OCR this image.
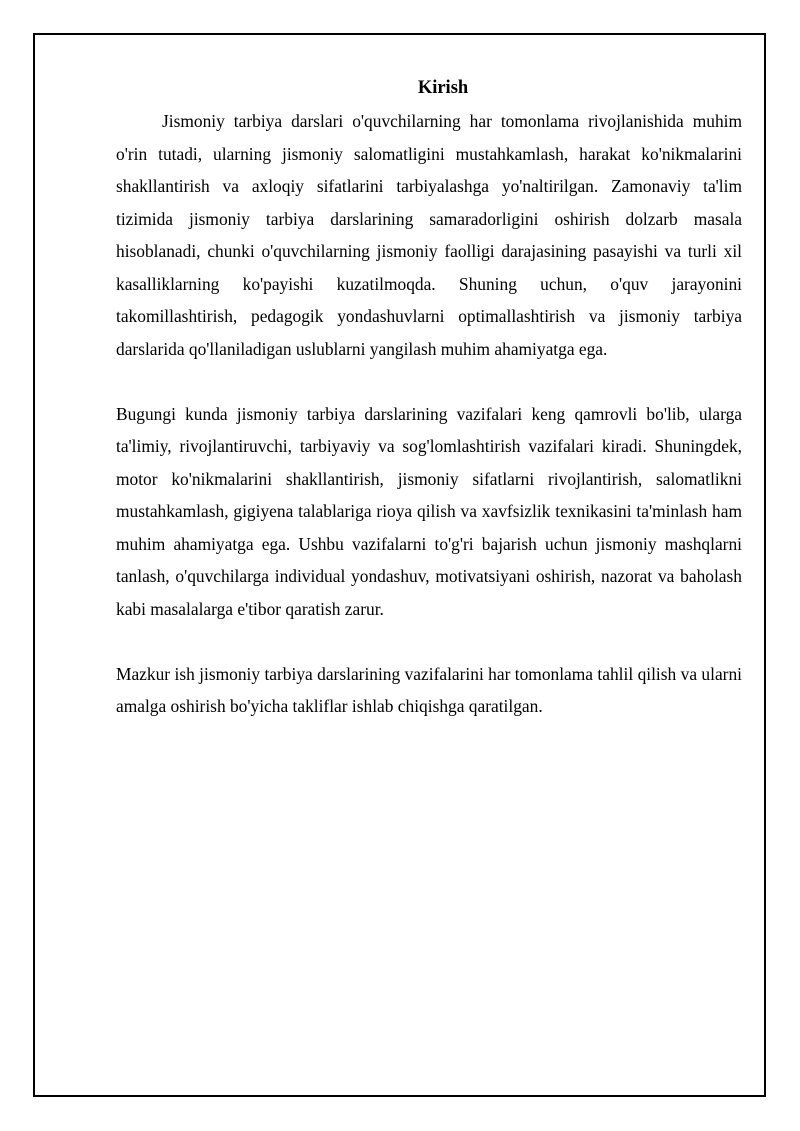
Kirish

Jismoniy tarbiya darslari o'quvchilarning har tomonlama rivojlanishida muhim o'rin tutadi, ularning jismoniy salomatligini mustahkamlash, harakat ko'nikmalarini shakllantirish va axloqiy sifatlarini tarbiyalashga yo'naltirilgan. Zamonaviy ta'lim tizimida jismoniy tarbiya darslarining samaradorligini oshirish dolzarb masala hisoblanadi, chunki o'quvchilarning jismoniy faolligi darajasining pasayishi va turli xil kasalliklarning ko'payishi kuzatilmoqda. Shuning uchun, o'quv jarayonini takomillashtirish, pedagogik yondashuvlarni optimallashtirish va jismoniy tarbiya darslarida qo'llaniladigan uslublarni yangilash muhim ahamiyatga ega.

Bugungi kunda jismoniy tarbiya darslarining vazifalari keng qamrovli bo'lib, ularga ta'limiy, rivojlantiruvchi, tarbiyaviy va sog'lomlashtirish vazifalari kiradi. Shuningdek, motor ko'nikmalarini shakllantirish, jismoniy sifatlarni rivojlantirish, salomatlikni mustahkamlash, gigiyena talablariga rioya qilish va xavfsizlik texnikasini ta'minlash ham muhim ahamiyatga ega. Ushbu vazifalarni to'g'ri bajarish uchun jismoniy mashqlarni tanlash, o'quvchilarga individual yondashuv, motivatsiyani oshirish, nazorat va baholash kabi masalalarga e'tibor qaratish zarur.

Mazkur ish jismoniy tarbiya darslarining vazifalarini har tomonlama tahlil qilish va ularni amalga oshirish bo'yicha takliflar ishlab chiqishga qaratilgan.
